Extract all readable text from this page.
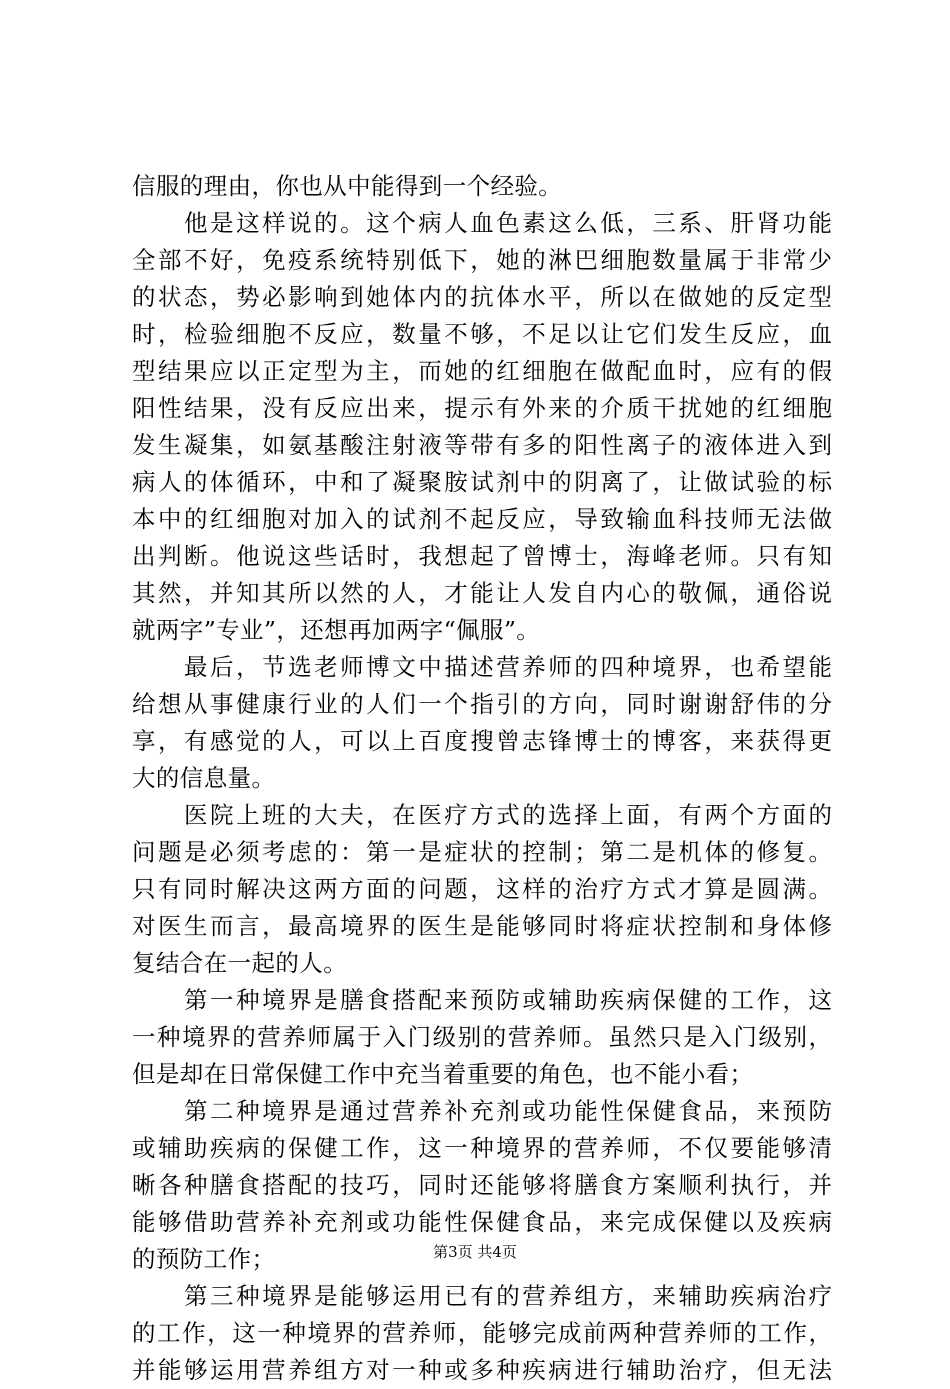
信服的理由，你也从中能得到一个经验。
　　他是这样说的。这个病人血色素这么低，三系、肝肾功能
全部不好，免疫系统特别低下，她的淋巴细胞数量属于非常少
的状态，势必影响到她体内的抗体水平，所以在做她的反定型
时，检验细胞不反应，数量不够，不足以让它们发生反应，血
型结果应以正定型为主，而她的红细胞在做配血时，应有的假
阳性结果，没有反应出来，提示有外来的介质干扰她的红细胞
发生凝集，如氨基酸注射液等带有多的阳性离子的液体进入到
病人的体循环，中和了凝聚胺试剂中的阴离了，让做试验的标
本中的红细胞对加入的试剂不起反应，导致输血科技师无法做
出判断。他说这些话时，我想起了曾博士，海峰老师。只有知
其然，并知其所以然的人，才能让人发自内心的敬佩，通俗说
就两字”专业”，还想再加两字“佩服”。
　　最后，节选老师博文中描述营养师的四种境界，也希望能
给想从事健康行业的人们一个指引的方向，同时谢谢舒伟的分
享，有感觉的人，可以上百度搜曾志锋博士的博客，来获得更
大的信息量。
　　医院上班的大夫，在医疗方式的选择上面，有两个方面的
问题是必须考虑的：第一是症状的控制；第二是机体的修复。
只有同时解决这两方面的问题，这样的治疗方式才算是圆满。
对医生而言，最高境界的医生是能够同时将症状控制和身体修
复结合在一起的人。
　　第一种境界是膳食搭配来预防或辅助疾病保健的工作，这
一种境界的营养师属于入门级别的营养师。虽然只是入门级别，
但是却在日常保健工作中充当着重要的角色，也不能小看；
　　第二种境界是通过营养补充剂或功能性保健食品，来预防
或辅助疾病的保健工作，这一种境界的营养师，不仅要能够清
晰各种膳食搭配的技巧，同时还能够将膳食方案顺利执行，并
能够借助营养补充剂或功能性保健食品，来完成保健以及疾病
的预防工作；
　　第三种境界是能够运用已有的营养组方，来辅助疾病治疗
的工作，这一种境界的营养师，能够完成前两种营养师的工作，
并能够运用营养组方对一种或多种疾病进行辅助治疗，但无法
第3页 共4页
